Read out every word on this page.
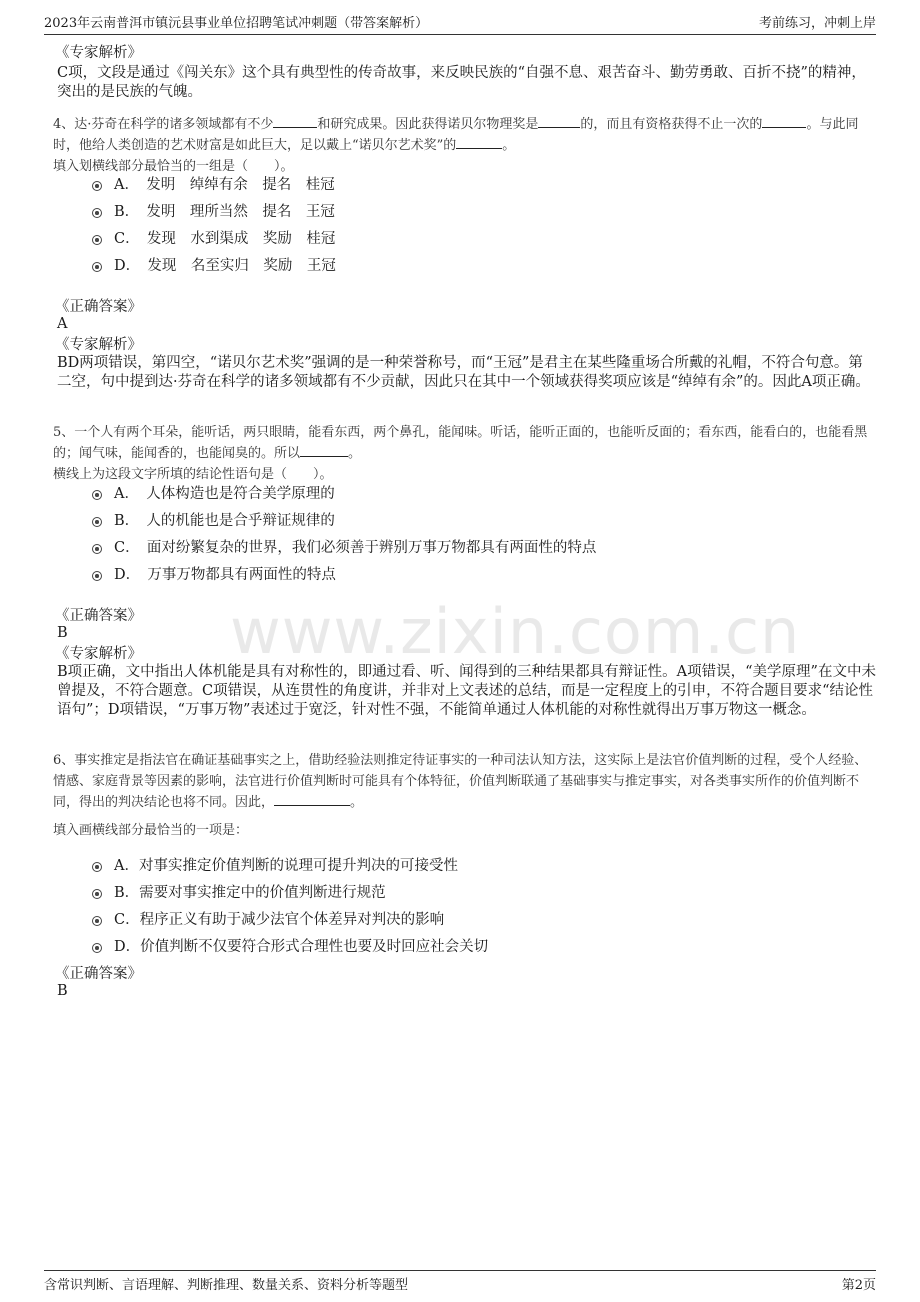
2023年云南普洱市镇沅县事业单位招聘笔试冲刺题（带答案解析）	考前练习，冲刺上岸
www.zixin.com.cn
《专家解析》
C项，文段是通过《闯关东》这个具有典型性的传奇故事，来反映民族的“自强不息、艰苦奋斗、勤劳勇敢、百折不挠”的精神，突出的是民族的气魄。
4、达·芬奇在科学的诸多领域都有不少	和研究成果。因此获得诺贝尔物理奖是	的，而且有资格获得不止一次的	。与此同时，他给人类创造的艺术财富是如此巨大，足以戴上“诺贝尔艺术奖”的	。
填入划横线部分最恰当的一组是（　　）。
A．　发明　绰绰有余　提名　桂冠
B．　发明　理所当然　提名　王冠
C．　发现　水到渠成　奖励　桂冠
D．　发现　名至实归　奖励　王冠
《正确答案》
A
《专家解析》
BD两项错误，第四空，“诺贝尔艺术奖”强调的是一种荣誉称号，而“王冠”是君主在某些隆重场合所戴的礼帽，不符合句意。第二空，句中提到达·芬奇在科学的诸多领域都有不少贡献，因此只在其中一个领域获得奖项应该是“绰绰有余”的。因此A项正确。
5、一个人有两个耳朵，能听话，两只眼睛，能看东西，两个鼻孔，能闻味。听话，能听正面的，也能听反面的；看东西，能看白的，也能看黑的；闻气味，能闻香的，也能闻臭的。所以	。
横线上为这段文字所填的结论性语句是（　　）。
A．　人体构造也是符合美学原理的
B．　人的机能也是合乎辩证规律的
C．　面对纷繁复杂的世界，我们必须善于辨别万事万物都具有两面性的特点
D．　万事万物都具有两面性的特点
《正确答案》
B
《专家解析》
B项正确，文中指出人体机能是具有对称性的，即通过看、听、闻得到的三种结果都具有辩证性。A项错误，“美学原理”在文中未曾提及，不符合题意。C项错误，从连贯性的角度讲，并非对上文表述的总结，而是一定程度上的引申，不符合题目要求“结论性语句”；D项错误，“万事万物”表述过于宽泛，针对性不强，不能简单通过人体机能的对称性就得出万事万物这一概念。
6、事实推定是指法官在确证基础事实之上，借助经验法则推定待证事实的一种司法认知方法，这实际上是法官价值判断的过程，受个人经验、情感、家庭背景等因素的影响，法官进行价值判断时可能具有个体特征，价值判断联通了基础事实与推定事实，对各类事实所作的价值判断不同，得出的判决结论也将不同。因此，	。
填入画横线部分最恰当的一项是：
A．对事实推定价值判断的说理可提升判决的可接受性
B．需要对事实推定中的价值判断进行规范
C．程序正义有助于减少法官个体差异对判决的影响
D．价值判断不仅要符合形式合理性也要及时回应社会关切
《正确答案》
B
含常识判断、言语理解、判断推理、数量关系、资料分析等题型	第2页
